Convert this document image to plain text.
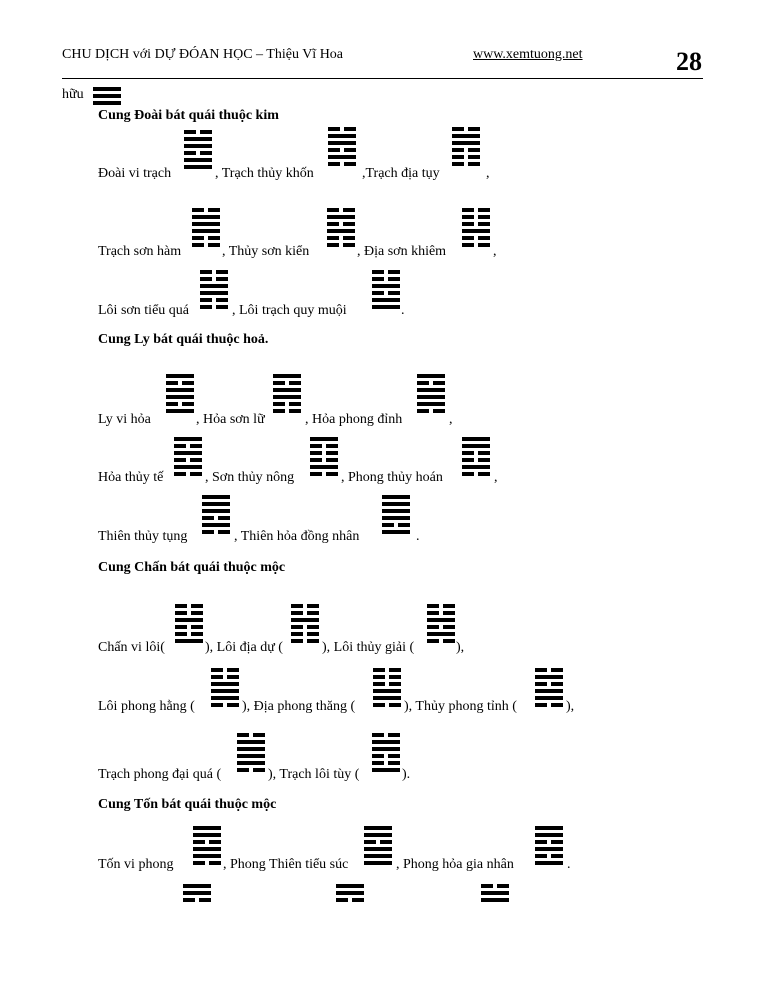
CHU DỊCH với DỰ ĐÓAN HỌC – Thiệu Vĩ Hoa	www.xemtuong.net	28
hữu
Cung Đoài bát quái thuộc kim
Đoài vi trạch	, Trạch thủy khốn	,Trạch địa tụy	,
Trạch sơn hàm	, Thủy sơn kiển	, Địa sơn khiêm	,
Lôi sơn tiểu quá	, Lôi trạch quy muội	.
Cung Ly bát quái thuộc hoả.
Ly vi hỏa	, Hỏa sơn lữ	, Hỏa phong đỉnh	,
Hỏa thủy tế	, Sơn thủy nông	, Phong thủy hoán	,
Thiên thủy tụng	, Thiên hỏa đồng nhân	.
Cung Chấn bát quái thuộc mộc
Chấn vi lôi(	), Lôi địa dự (	), Lôi thủy giải (	),
Lôi phong hằng (	), Địa phong thăng (	), Thủy phong tỉnh (	),
Trạch phong đại quá (	), Trạch lôi tùy (	).
Cung Tốn bát quái thuộc mộc
Tốn vi phong	, Phong Thiên tiểu súc	, Phong hỏa gia nhân	.
